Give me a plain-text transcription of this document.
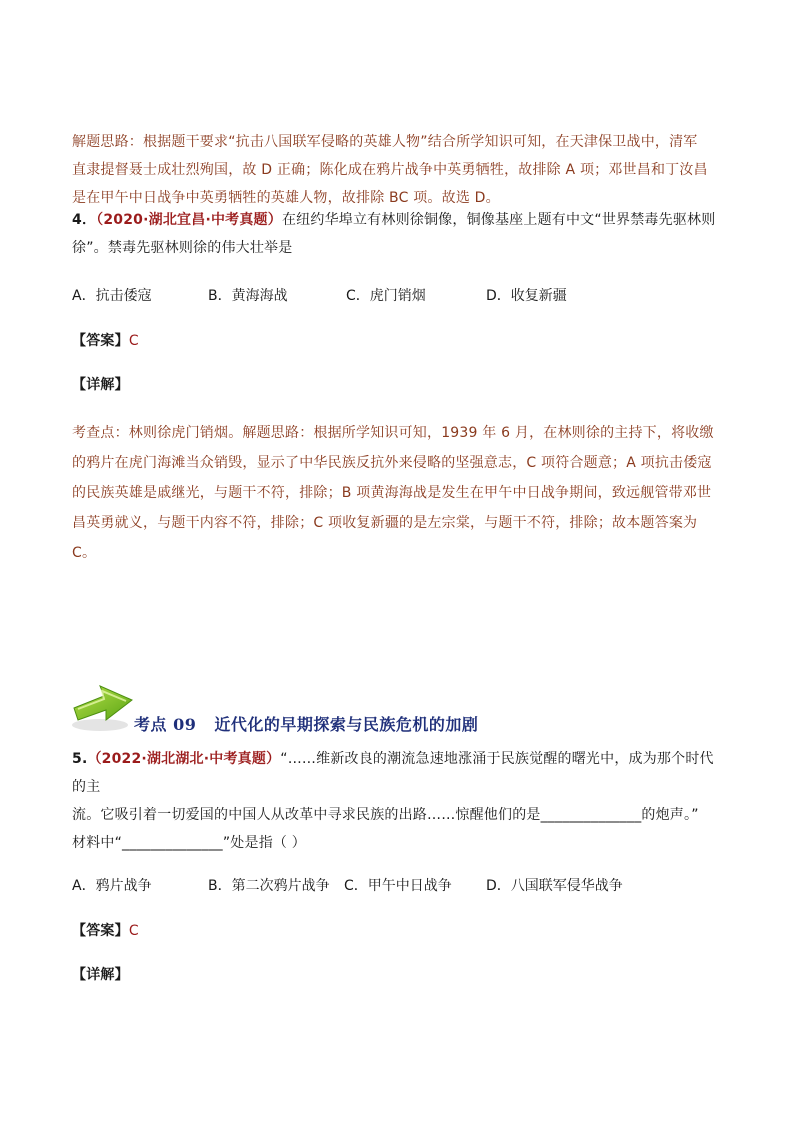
解题思路：根据题干要求“抗击八国联军侵略的英雄人物”结合所学知识可知，在天津保卫战中，清军
直隶提督聂士成壮烈殉国，故 D 正确；陈化成在鸦片战争中英勇牺牲，故排除 A 项；邓世昌和丁汝昌
是在甲午中日战争中英勇牺牲的英雄人物，故排除 BC 项。故选 D。
4．（2020·湖北宜昌·中考真题）在纽约华埠立有林则徐铜像，铜像基座上题有中文“世界禁毒先驱林则
徐”。禁毒先驱林则徐的伟大壮举是
A．抗击倭寇	B．黄海海战	C．虎门销烟	D．收复新疆
【答案】C
【详解】
考查点：林则徐虎门销烟。解题思路：根据所学知识可知，1939 年 6 月，在林则徐的主持下，将收缴
的鸦片在虎门海滩当众销毁，显示了中华民族反抗外来侵略的坚强意志，C 项符合题意；A 项抗击倭寇
的民族英雄是戚继光，与题干不符，排除；B 项黄海海战是发生在甲午中日战争期间，致远舰管带邓世
昌英勇就义，与题干内容不符，排除；C 项收复新疆的是左宗棠，与题干不符，排除；故本题答案为
C。
考点 09 近代化的早期探索与民族危机的加剧
5.（2022·湖北湖北·中考真题）“……维新改良的潮流急速地涨涌于民族觉醒的曙光中，成为那个时代的主
流。它吸引着一切爱国的中国人从改革中寻求民族的出路……惊醒他们的是______________的炮声。”
材料中“______________”处是指（ ）
A．鸦片战争	B．第二次鸦片战争 C．甲午中日战争 D．八国联军侵华战争
【答案】C
【详解】
